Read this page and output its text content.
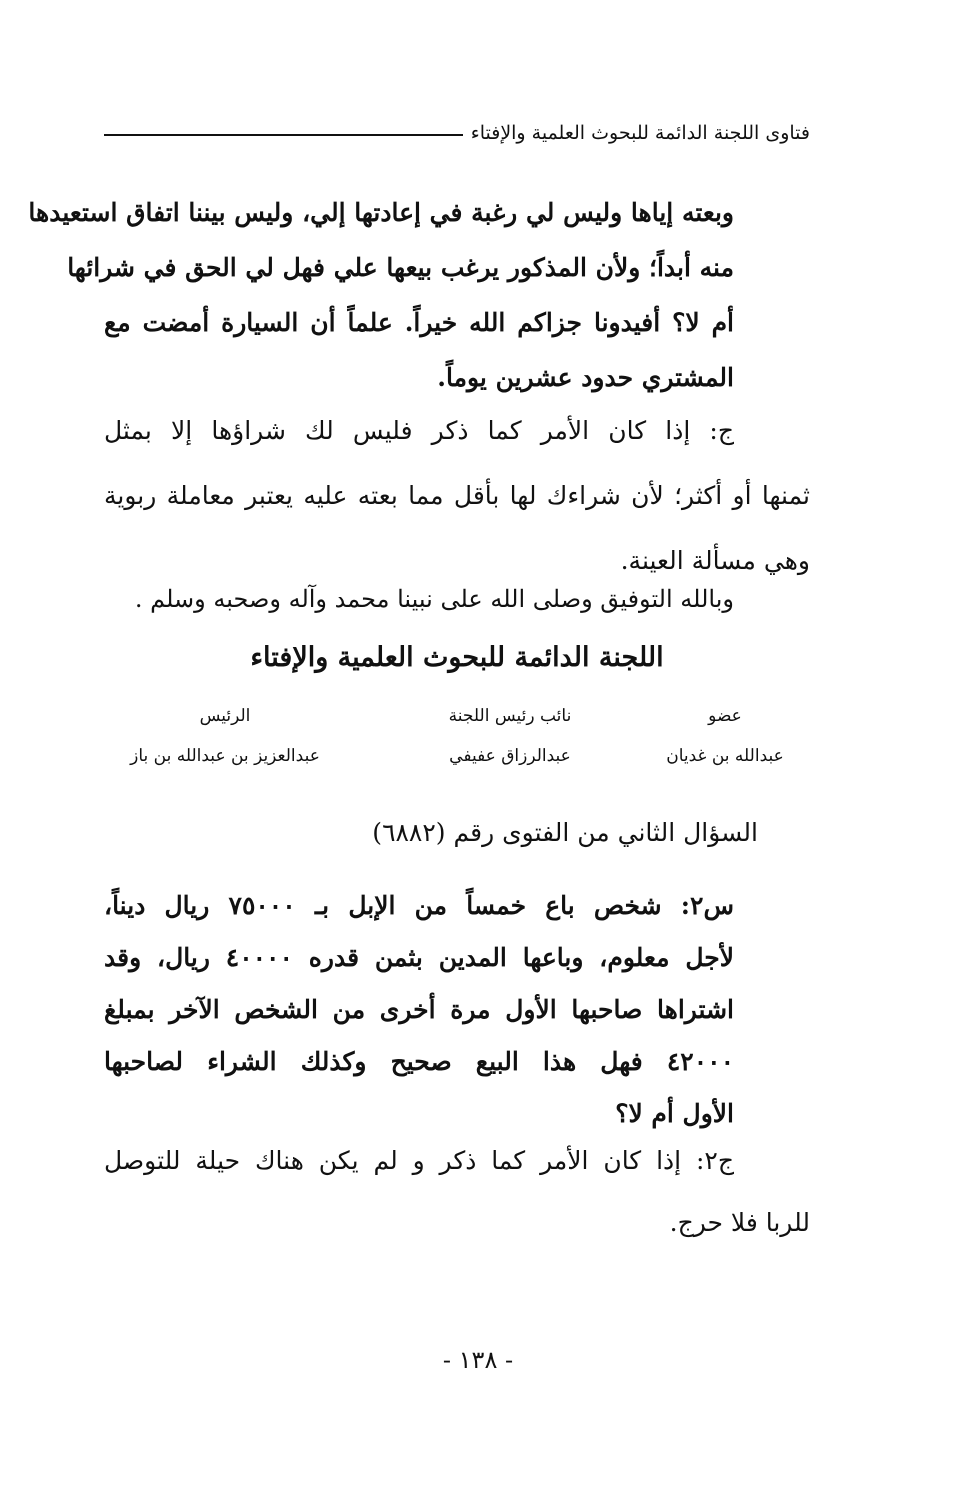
فتاوى اللجنة الدائمة للبحوث العلمية والإفتاء
وبعته إياها وليس لي رغبة في إعادتها إلي، وليس بيننا اتفاق استعيدها
منه أبداً؛ ولأن المذكور يرغب بيعها علي فهل لي الحق في شرائها
أم لا؟ أفيدونا جزاكم الله خيراً. علماً أن السيارة أمضت مع
المشتري حدود عشرين يوماً.
ج: إذا كان الأمر كما ذكر فليس لك شراؤها إلا بمثل
ثمنها أو أكثر؛ لأن شراءك لها بأقل مما بعته عليه يعتبر معاملة ربوية
وهي مسألة العينة.
وبالله التوفيق وصلى الله على نبينا محمد وآله وصحبه وسلم .
اللجنة الدائمة للبحوث العلمية والإفتاء
عضو
نائب رئيس اللجنة
الرئيس
عبدالله بن غديان
عبدالرزاق عفيفي
عبدالعزيز بن عبدالله بن باز
السؤال الثاني من الفتوى رقم (٦٨٨٢)
س٢: شخص باع خمساً من الإبل بـ ٧٥٠٠٠ ريال ديناً،
لأجل معلوم، وباعها المدين بثمن قدره ٤٠٠٠٠ ريال، وقد
اشتراها صاحبها الأول مرة أخرى من الشخص الآخر بمبلغ
٤٢٠٠٠ فهل هذا البيع صحيح وكذلك الشراء لصاحبها
الأول أم لا؟
ج٢: إذا كان الأمر كما ذكر و لم يكن هناك حيلة للتوصل
للربا فلا حرج.
- ١٣٨ -
